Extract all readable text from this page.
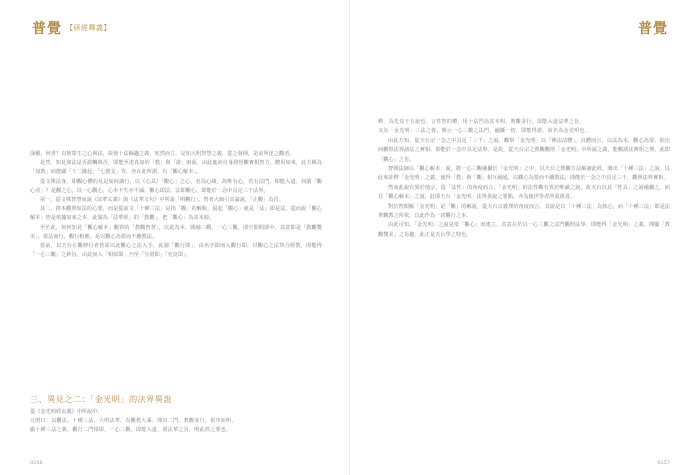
普覺 【研經釋義】

深解，何者？以彼眾生之心與法，故使十法歸趣之義，宛然而立。是知大明智慧之義，從之發揮，是前所述之觀者。

是然，知見與法是否證觸與否，即能至達真如的「教」與「證」兩面，由此進而自身證悟觀實相智力、體用如來，此方稱為「如教」而能顯「十二緣起」「七覺支」等，亦在此所謂，有「觀心解本」。

從文殊法身，即觀心體的見是如何讓行，以《心具》「觀心」之心，名為心緣，故唯有心，若有法門，即能入道。何謂「觀心者」？是觀之心，以一心觀心，心本不生亦不滅，觀心即法，法即觀心，即能於一念中具足三千法界。

第一，從文殊智慧而說《法華玄義》與《法華文句》中所說「明觀行」，智者大師引其論說，「止觀」為首。

其二，推本觀照如法的心要，而是從前文「十種三法」是指「觀」的解脫，說起「觀心」就是「法」即是法，從而說「觀心解本」皆是依據如來之本，此謂為「法華經」的「教觀」，把「觀心」為其本源。

至於此，如何知見「觀心解本」觀察的「教觀智慧」，以此為本，圓融三觀，一心三觀，即空即假即中，其意即是「教觀雙美」，依法而行，觀行相應，是以觀心為要而不離教法。

當前，以天台止觀修行者皆需以此觀心之法入手，此謂「觀行即」，由名字即而入觀行即，以觀心之法契合經教，即能得「一心三觀」之妙旨，由此而入「相似即」乃至「分證即」「究竟即」。

三、異見之二：「金光明」的法界異說
從《金光明經玄義》中所說中：
元明日：以觀法、十種三法、大明法華、為觀教大乘、開出二門，教觀並行，依序而明，
顯十種三法之義，觀行二門相即，一心三觀，即能入道，證法華之旨，明此經之要也。
0256
普覺
0257
釋，為先其于方說也，言性智的體，用十法門為其本明，教觀並行，即能入道法華之旨，
又為「金光明」三法之義，開示一心三觀之法門，融攝一切，即能得證，故名為金光明也。

由此方知，從天台宗一念之中具足「三千」之說，觀察「金光明」以「佛法法體」，具體而言，以法為本，觀心為要，依次而觀察法界諸法之實相，即能於一念中具足法界。是故，從天台宗之教觀觀照「金光明」中所說之義，能觀諸法實相之理，此即「觀心」之旨。

智顗法師以「觀心解本」說，將一心三觀融攝於「金光明」之中，以天台之教觀方法解讀此經，開出「十種三法」之說，以此來詮釋「金光明」之義，使得「教」與「觀」相互融通，以觀心為要而不離教法，即能於一念之中具足三千，觀照法界實相。

然而此說有異於他宗，從「法性」的角度而言，「金光明」的法性觀有異於唯識之說，故天台以其「性具」之說融攝之，而有「觀心解本」之說，此即天台「金光明」法界異說之要點，亦為後世學者所重視者。

對於智顗解「金光明」是「觀」的解說，從天台宗義理的角度而言，其說是以「十種三法」為核心，而「十種三法」即是法華觀教之所依，以此作為一切觀行之本。

由此可知，「金光明」之說是依「觀心」而建立，其意在於以一心三觀之法門觀照法界，即能得「金光明」之義，開顯「教觀雙美」之旨趣，此正是天台學之特色。
